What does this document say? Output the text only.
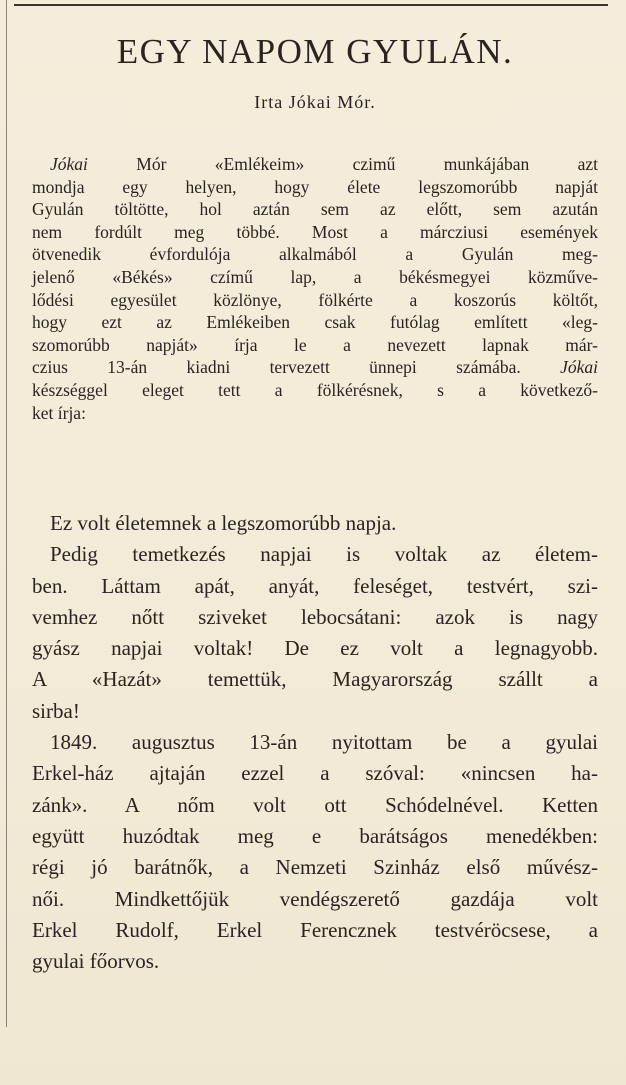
EGY NAPOM GYULÁN.

Irta Jókai Mór.

Jókai Mór «Emlékeim» czimű munkájában azt
mondja egy helyen, hogy élete legszomorúbb napját
Gyulán töltötte, hol aztán sem az előtt, sem azután
nem fordúlt meg többé. Most a márcziusi események
ötvenedik évfordulója alkalmából a Gyulán meg-
jelenő «Békés» czímű lap, a békésmegyei közműve-
lődési egyesület közlönye, fölkérte a koszorús költőt,
hogy ezt az Emlékeiben csak futólag említett «leg-
szomorúbb napját» írja le a nevezett lapnak már-
czius 13-án kiadni tervezett ünnepi számába. Jókai
készséggel eleget tett a fölkérésnek, s a következő-
ket írja:
Ez volt életemnek a legszomorúbb napja.
Pedig temetkezés napjai is voltak az életem-
ben. Láttam apát, anyát, feleséget, testvért, szi-
vemhez nőtt sziveket lebocsátani: azok is nagy
gyász napjai voltak! De ez volt a legnagyobb.
A «Hazát» temettük, Magyarország szállt a
sirba!
1849. augusztus 13-án nyitottam be a gyulai
Erkel-ház ajtaján ezzel a szóval: «nincsen ha-
zánk». A nőm volt ott Schódelnével. Ketten
együtt huzódtak meg e barátságos menedékben:
régi jó barátnők, a Nemzeti Szinház első művész-
női. Mindkettőjük vendégszerető gazdája volt
Erkel Rudolf, Erkel Ferencznek testvéröcsese, a
gyulai főorvos.
